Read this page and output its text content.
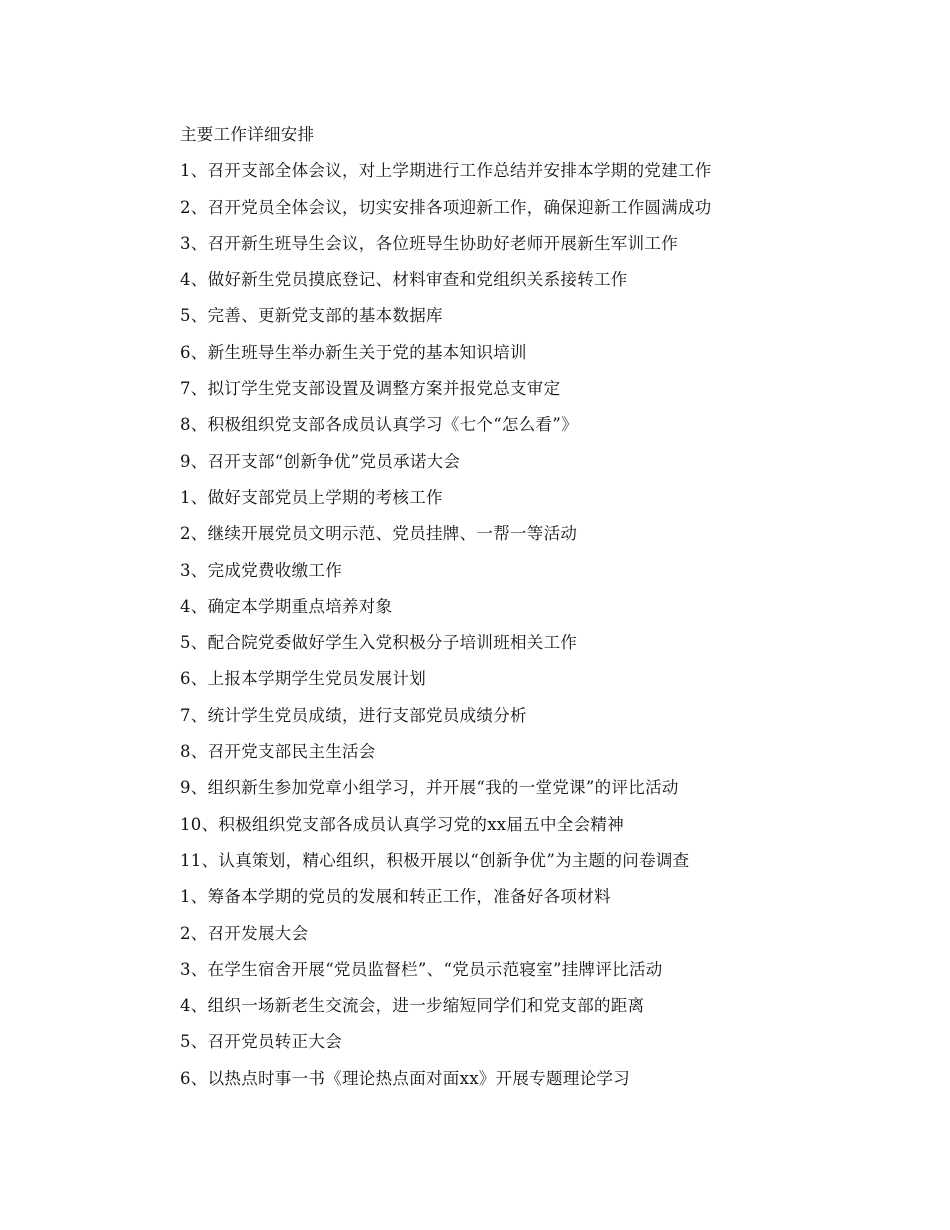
主要工作详细安排
1、召开支部全体会议，对上学期进行工作总结并安排本学期的党建工作
2、召开党员全体会议，切实安排各项迎新工作，确保迎新工作圆满成功
3、召开新生班导生会议，各位班导生协助好老师开展新生军训工作
4、做好新生党员摸底登记、材料审查和党组织关系接转工作
5、完善、更新党支部的基本数据库
6、新生班导生举办新生关于党的基本知识培训
7、拟订学生党支部设置及调整方案并报党总支审定
8、积极组织党支部各成员认真学习《七个“怎么看”》
9、召开支部“创新争优”党员承诺大会
1、做好支部党员上学期的考核工作
2、继续开展党员文明示范、党员挂牌、一帮一等活动
3、完成党费收缴工作
4、确定本学期重点培养对象
5、配合院党委做好学生入党积极分子培训班相关工作
6、上报本学期学生党员发展计划
7、统计学生党员成绩，进行支部党员成绩分析
8、召开党支部民主生活会
9、组织新生参加党章小组学习，并开展“我的一堂党课”的评比活动
10、积极组织党支部各成员认真学习党的xx届五中全会精神
11、认真策划，精心组织，积极开展以“创新争优”为主题的问卷调查
1、筹备本学期的党员的发展和转正工作，准备好各项材料
2、召开发展大会
3、在学生宿舍开展“党员监督栏”、“党员示范寝室”挂牌评比活动
4、组织一场新老生交流会，进一步缩短同学们和党支部的距离
5、召开党员转正大会
6、以热点时事一书《理论热点面对面xx》开展专题理论学习
